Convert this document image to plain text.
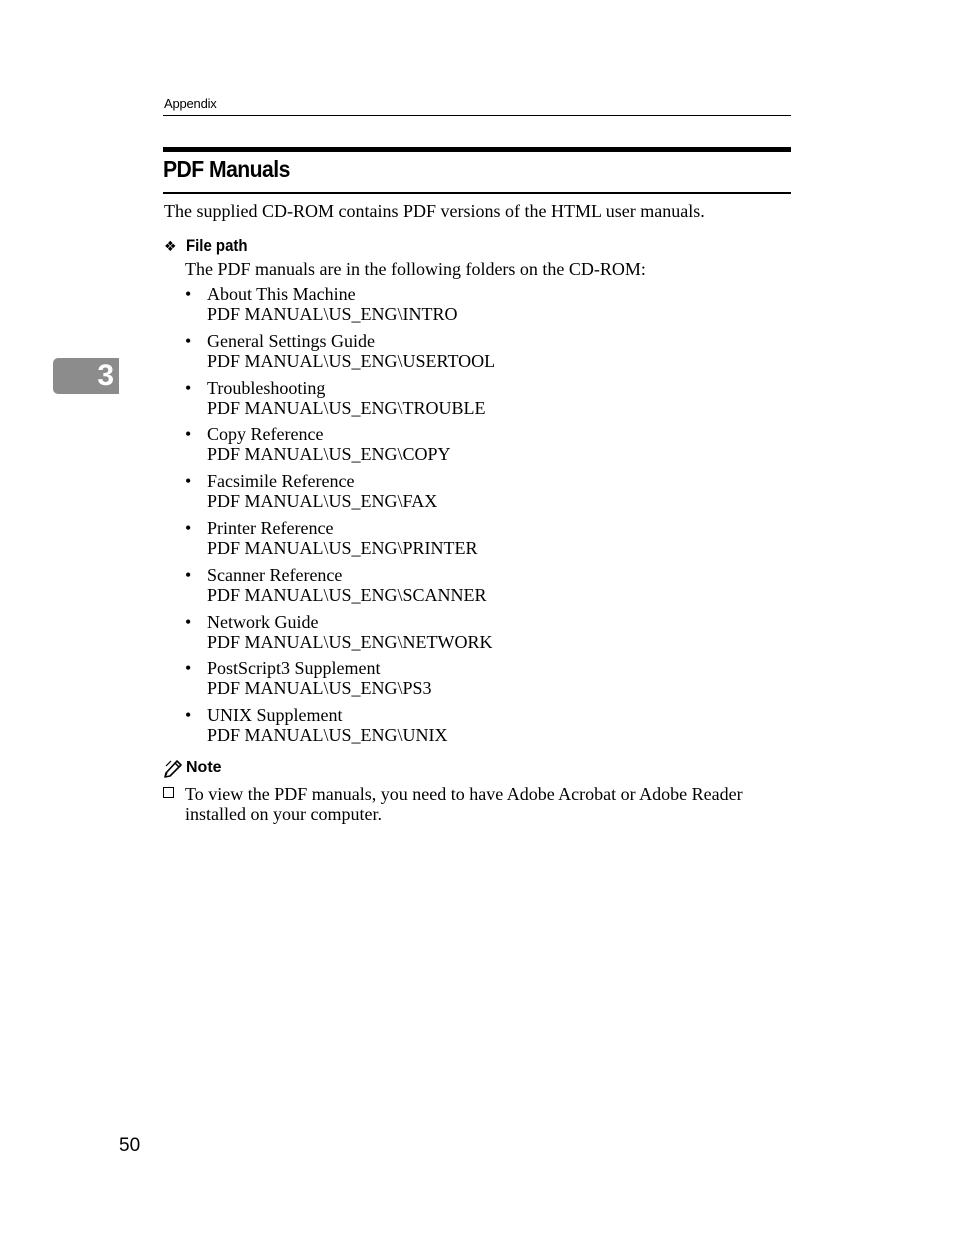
Appendix
PDF Manuals
The supplied CD-ROM contains PDF versions of the HTML user manuals.
❖ File path
The PDF manuals are in the following folders on the CD-ROM:
• About This Machine
PDF MANUAL\US_ENG\INTRO
• General Settings Guide
PDF MANUAL\US_ENG\USERTOOL
• Troubleshooting
PDF MANUAL\US_ENG\TROUBLE
• Copy Reference
PDF MANUAL\US_ENG\COPY
• Facsimile Reference
PDF MANUAL\US_ENG\FAX
• Printer Reference
PDF MANUAL\US_ENG\PRINTER
• Scanner Reference
PDF MANUAL\US_ENG\SCANNER
• Network Guide
PDF MANUAL\US_ENG\NETWORK
• PostScript3 Supplement
PDF MANUAL\US_ENG\PS3
• UNIX Supplement
PDF MANUAL\US_ENG\UNIX
3
Note
To view the PDF manuals, you need to have Adobe Acrobat or Adobe Reader installed on your computer.
50
